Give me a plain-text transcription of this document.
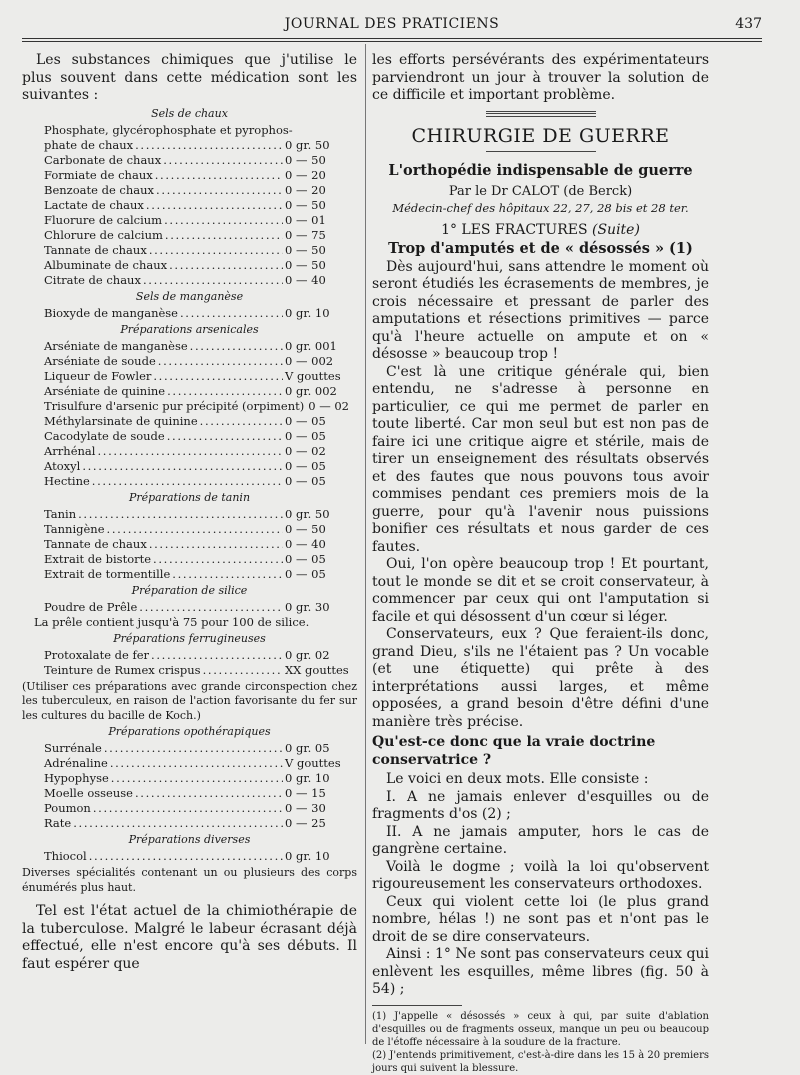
JOURNAL DES PRATICIENS	437

Les substances chimiques que j'utilise le plus souvent dans cette médication sont les suivantes :

Sels de chaux
Phosphate, glycérophosphate et pyrophos-
phate de chaux . . .	0 gr. 50
Carbonate de chaux . . .	0 — 50
Formiate de chaux . . .	0 — 20
Benzoate de chaux . . .	0 — 20
Lactate de chaux . . .	0 — 50
Fluorure de calcium . . .	0 — 01
Chlorure de calcium . . .	0 — 75
Tannate de chaux . . .	0 — 50
Albuminate de chaux . . .	0 — 50
Citrate de chaux . . .	0 — 40
Sels de manganèse
Bioxyde de manganèse . . .	0 gr. 10
Préparations arsenicales
Arséniate de manganèse . . .	0 gr. 001
Arséniate de soude . . .	0 — 002
Liqueur de Fowler . . .	V gouttes
Arséniate de quinine . . .	0 gr. 002
Trisulfure d'arsenic pur précipité (orpiment) 0 — 02
Méthylarsinate de quinine . . .	0 — 05
Cacodylate de soude . . .	0 — 05
Arrhénal . . .	0 — 02
Atoxyl . . .	0 — 05
Hectine . . .	0 — 05
Préparations de tanin
Tanin . . .	0 gr. 50
Tannigène . . .	0 — 50
Tannate de chaux . . .	0 — 40
Extrait de bistorte . . .	0 — 05
Extrait de tormentille . . .	0 — 05
Préparation de silice
Poudre de Prêle . . .	0 gr. 30
La prêle contient jusqu'à 75 pour 100 de silice.
Préparations ferrugineuses
Protoxalate de fer . . .	0 gr. 02
Teinture de Rumex crispus . . .	XX gouttes

(Utiliser ces préparations avec grande circonspection chez les tuberculeux, en raison de l'action favorisante du fer sur les cultures du bacille de Koch.)

Préparations opothérapiques
Surrénale . . .	0 gr. 05
Adrénaline . . .	V gouttes
Hypophyse . . .	0 gr. 10
Moelle osseuse . . .	0 — 15
Poumon . . .	0 — 30
Rate . . .	0 — 25
Préparations diverses
Thiocol . . .	0 gr. 10

Diverses spécialités contenant un ou plusieurs des corps énumérés plus haut.

Tel est l'état actuel de la chimiothérapie de la tuberculose. Malgré le labeur écrasant déjà effectué, elle n'est encore qu'à ses débuts. Il faut espérer que

les efforts persévérants des expérimentateurs parviendront un jour à trouver la solution de ce difficile et important problème.

CHIRURGIE DE GUERRE
L'orthopédie indispensable de guerre
Par le Dr CALOT (de Berck)
Médecin-chef des hôpitaux 22, 27, 28 bis et 28 ter.
1° LES FRACTURES (Suite)
Trop d'amputés et de « désossés » (1)

Dès aujourd'hui, sans attendre le moment où seront étudiés les écrasements de membres, je crois nécessaire et pressant de parler des amputations et résections primitives — parce qu'à l'heure actuelle on ampute et on « désosse » beaucoup trop !

C'est là une critique générale qui, bien entendu, ne s'adresse à personne en particulier, ce qui me permet de parler en toute liberté. Car mon seul but est non pas de faire ici une critique aigre et stérile, mais de tirer un enseignement des résultats observés et des fautes que nous pouvons tous avoir commises pendant ces premiers mois de la guerre, pour qu'à l'avenir nous puissions bonifier ces résultats et nous garder de ces fautes.

Oui, l'on opère beaucoup trop ! Et pourtant, tout le monde se dit et se croit conservateur, à commencer par ceux qui ont l'amputation si facile et qui désossent d'un cœur si léger.

Conservateurs, eux ? Que feraient-ils donc, grand Dieu, s'ils ne l'étaient pas ? Un vocable (et une étiquette) qui prête à des interprétations aussi larges, et même opposées, a grand besoin d'être défini d'une manière très précise.

Qu'est-ce donc que la vraie doctrine conservatrice ?

Le voici en deux mots. Elle consiste :

I. A ne jamais enlever d'esquilles ou de fragments d'os (2) ;

II. A ne jamais amputer, hors le cas de gangrène certaine.

Voilà le dogme ; voilà la loi qu'observent rigoureusement les conservateurs orthodoxes.

Ceux qui violent cette loi (le plus grand nombre, hélas !) ne sont pas et n'ont pas le droit de se dire conservateurs.

Ainsi : 1° Ne sont pas conservateurs ceux qui enlèvent les esquilles, même libres (fig. 50 à 54) ;

(1) J'appelle « désossés » ceux à qui, par suite d'ablation d'esquilles ou de fragments osseux, manque un peu ou beaucoup de l'étoffe nécessaire à la soudure de la fracture.

(2) J'entends primitivement, c'est-à-dire dans les 15 à 20 premiers jours qui suivent la blessure.
